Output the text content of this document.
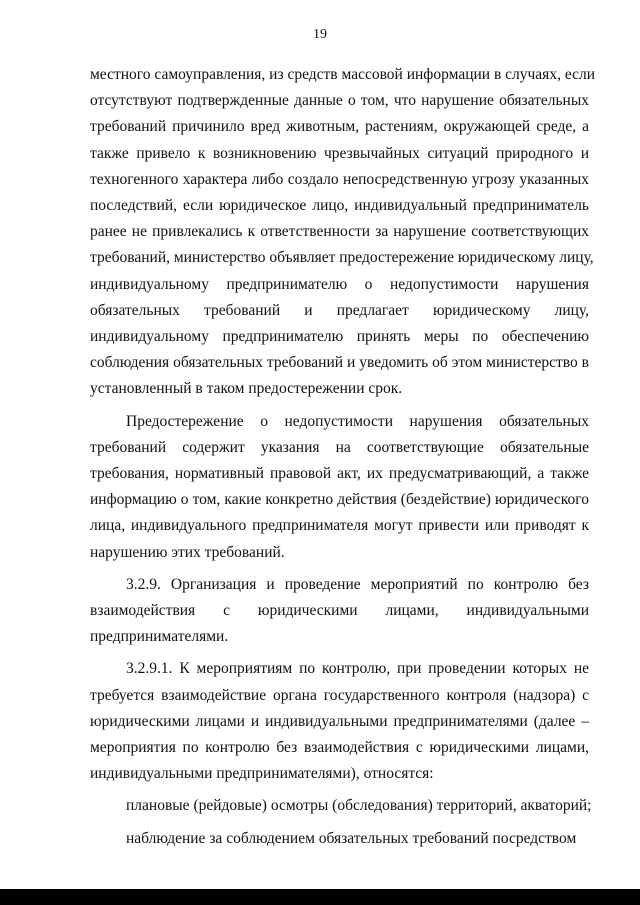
19
местного самоуправления, из средств массовой информации в случаях, если
отсутствуют подтвержденные данные о том, что нарушение обязательных
требований причинило вред животным, растениям, окружающей среде, а
также привело к возникновению чрезвычайных ситуаций природного и
техногенного характера либо создало непосредственную угрозу указанных
последствий, если юридическое лицо, индивидуальный предприниматель
ранее не привлекались к ответственности за нарушение соответствующих
требований, министерство объявляет предостережение юридическому лицу,
индивидуальному предпринимателю о недопустимости нарушения
обязательных требований и предлагает юридическому лицу,
индивидуальному предпринимателю принять меры по обеспечению
соблюдения обязательных требований и уведомить об этом министерство в
установленный в таком предостережении срок.
Предостережение о недопустимости нарушения обязательных
требований содержит указания на соответствующие обязательные
требования, нормативный правовой акт, их предусматривающий, а также
информацию о том, какие конкретно действия (бездействие) юридического
лица, индивидуального предпринимателя могут привести или приводят к
нарушению этих требований.
3.2.9. Организация и проведение мероприятий по контролю без
взаимодействия с юридическими лицами, индивидуальными
предпринимателями.
3.2.9.1. К мероприятиям по контролю, при проведении которых не
требуется взаимодействие органа государственного контроля (надзора) с
юридическими лицами и индивидуальными предпринимателями (далее –
мероприятия по контролю без взаимодействия с юридическими лицами,
индивидуальными предпринимателями), относятся:
плановые (рейдовые) осмотры (обследования) территорий, акваторий;
наблюдение за соблюдением обязательных требований посредством
